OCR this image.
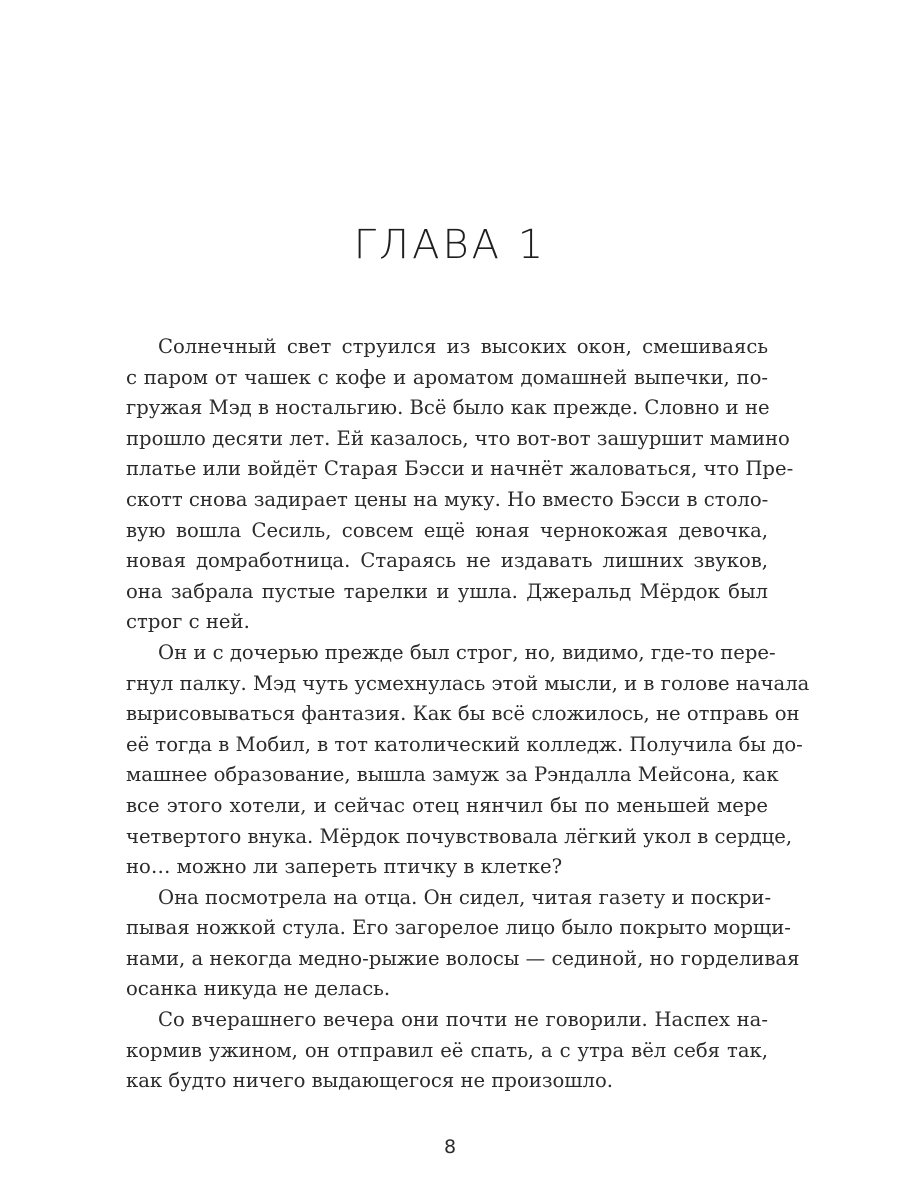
ГЛАВА 1

Солнечный свет струился из высоких окон, смешиваясь
с паром от чашек с кофе и ароматом домашней выпечки, по-
гружая Мэд в ностальгию. Всё было как прежде. Словно и не
прошло десяти лет. Ей казалось, что вот-вот зашуршит мамино
платье или войдёт Старая Бэсси и начнёт жаловаться, что Пре-
скотт снова задирает цены на муку. Но вместо Бэсси в столо-
вую вошла Сесиль, совсем ещё юная чернокожая девочка,
новая домработница. Стараясь не издавать лишних звуков,
она забрала пустые тарелки и ушла. Джеральд Мёрдок был
строг с ней.

Он и с дочерью прежде был строг, но, видимо, где-то пере-
гнул палку. Мэд чуть усмехнулась этой мысли, и в голове начала
вырисовываться фантазия. Как бы всё сложилось, не отправь он
её тогда в Мобил, в тот католический колледж. Получила бы до-
машнее образование, вышла замуж за Рэндалла Мейсона, как
все этого хотели, и сейчас отец нянчил бы по меньшей мере
четвертого внука. Мёрдок почувствовала лёгкий укол в сердце,
но… можно ли запереть птичку в клетке?

Она посмотрела на отца. Он сидел, читая газету и поскри-
пывая ножкой стула. Его загорелое лицо было покрыто морщи-
нами, а некогда медно-рыжие волосы — сединой, но горделивая
осанка никуда не делась.

Со вчерашнего вечера они почти не говорили. Наспех на-
кормив ужином, он отправил её спать, а с утра вёл себя так,
как будто ничего выдающегося не произошло.

8
